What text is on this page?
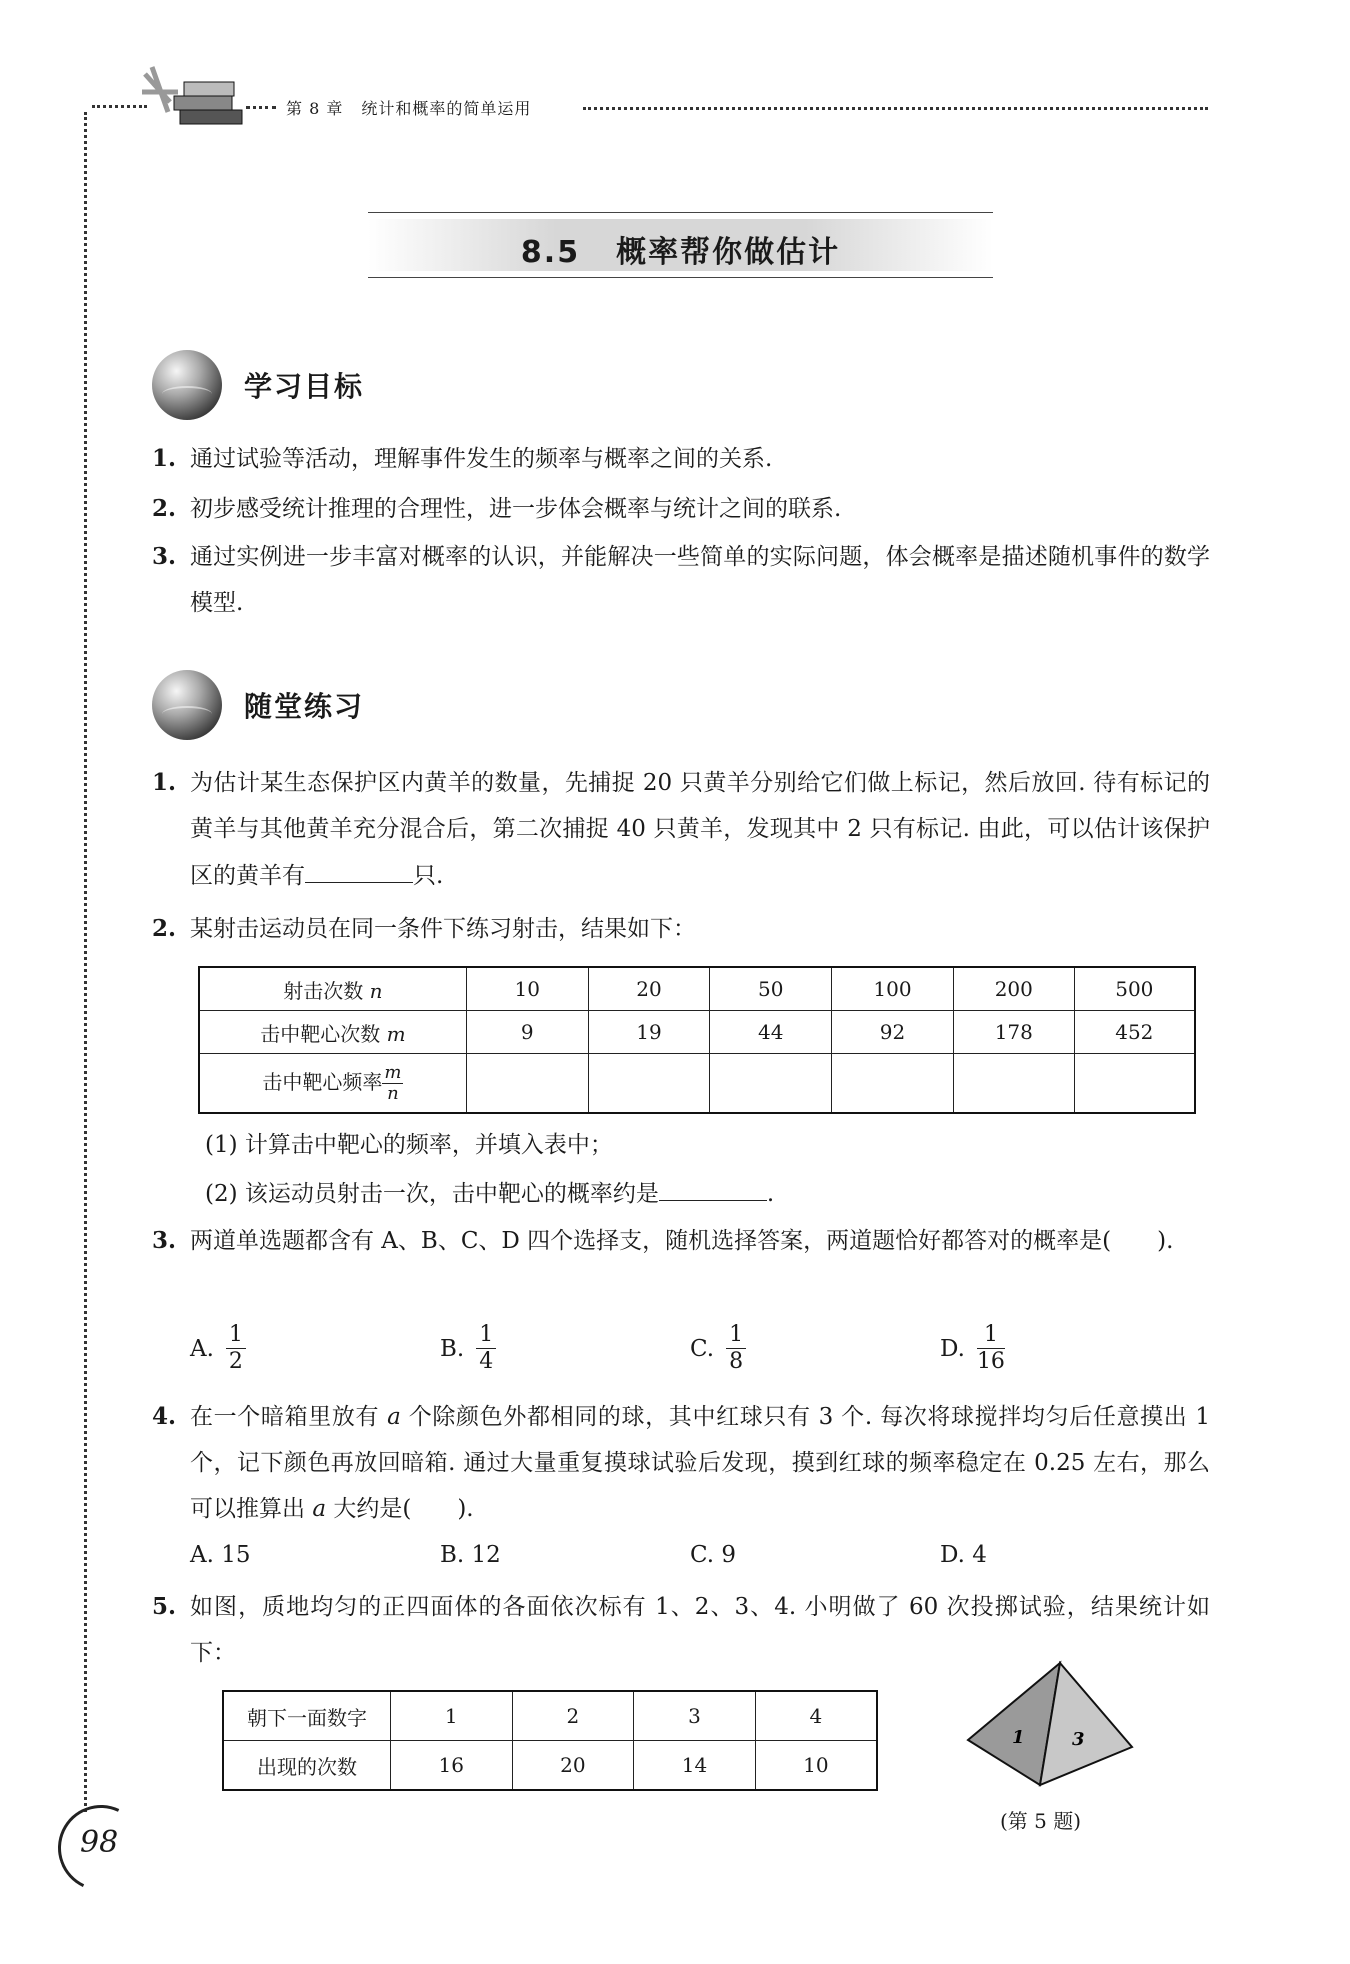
第 8 章 统计和概率的简单运用
8.5 概率帮你做估计
学习目标
1. 通过试验等活动，理解事件发生的频率与概率之间的关系.
2. 初步感受统计推理的合理性，进一步体会概率与统计之间的联系.
3. 通过实例进一步丰富对概率的认识，并能解决一些简单的实际问题，体会概率是描述随机事件的数学模型.
随堂练习
1. 为估计某生态保护区内黄羊的数量，先捕捉 20 只黄羊分别给它们做上标记，然后放回. 待有标记的黄羊与其他黄羊充分混合后，第二次捕捉 40 只黄羊，发现其中 2 只有标记. 由此，可以估计该保护区的黄羊有	只.
2. 某射击运动员在同一条件下练习射击，结果如下：
射击次数 n	10	20	50	100	200	500
击中靶心次数 m	9	19	44	92	178	452
击中靶心频率 $\frac{m}{n}$

(1) 计算击中靶心的频率，并填入表中；
(2) 该运动员射击一次，击中靶心的概率约是	.
3. 两道单选题都含有 A、B、C、D 四个选择支，随机选择答案，两道题恰好都答对的概率是(　　).
A.
1
2	B.
1
4	C.
1
8	D.
1
16
4. 在一个暗箱里放有 a 个除颜色外都相同的球，其中红球只有 3 个. 每次将球搅拌均匀后任意摸出 1 个，记下颜色再放回暗箱. 通过大量重复摸球试验后发现，摸到红球的频率稳定在 0.25 左右，那么可以推算出 a 大约是(　　).
A. 15	B. 12	C. 9	D. 4
5. 如图，质地均匀的正四面体的各面依次标有 1、2、3、4. 小明做了 60 次投掷试验，结果统计如下：
朝下一面数字	1	2	3	4
出现的次数	16	20	14	10
1	3
(第 5 题)
98
